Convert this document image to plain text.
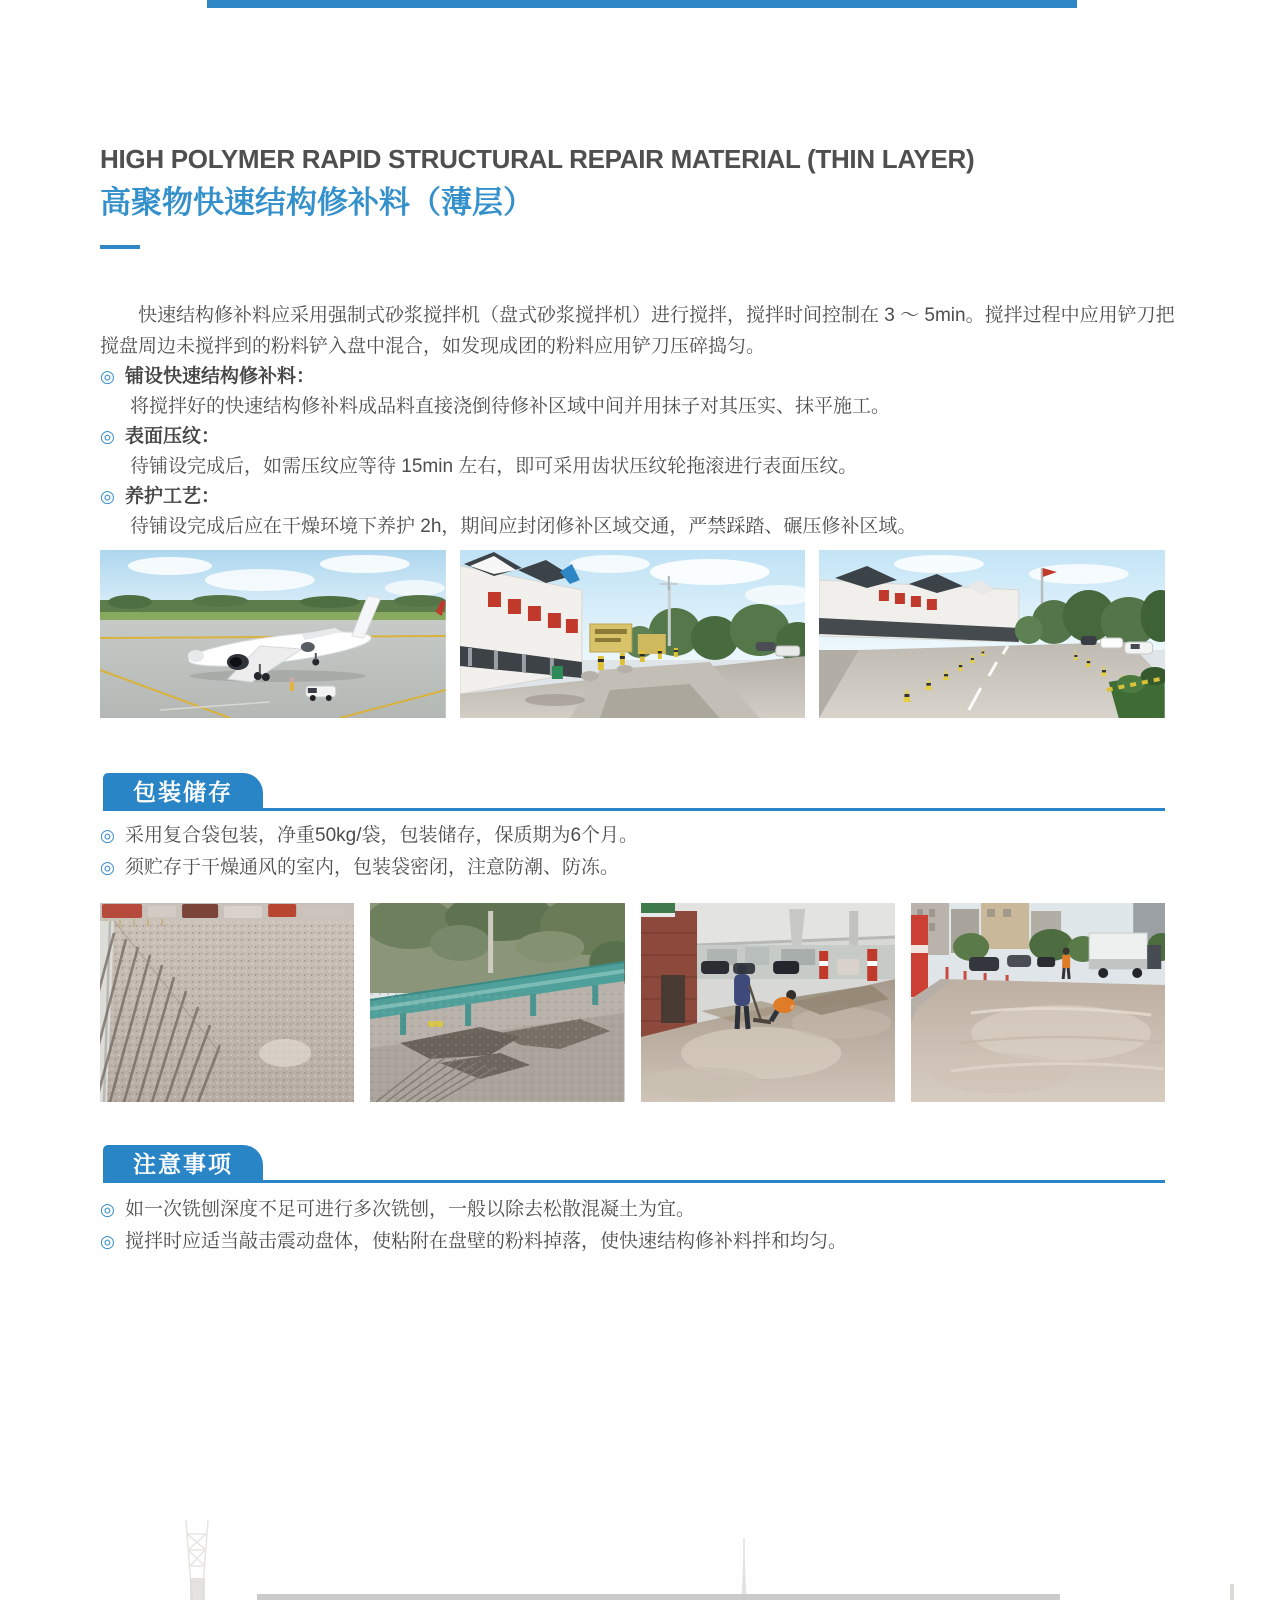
HIGH POLYMER RAPID STRUCTURAL REPAIR MATERIAL (THIN LAYER)
高聚物快速结构修补料（薄层）

快速结构修补料应采用强制式砂浆搅拌机（盘式砂浆搅拌机）进行搅拌，搅拌时间控制在 3 ～ 5min。搅拌过程中应用铲刀把搅盘周边未搅拌到的粉料铲入盘中混合，如发现成团的粉料应用铲刀压碎捣匀。

◎ 铺设快速结构修补料：
将搅拌好的快速结构修补料成品料直接浇倒待修补区域中间并用抹子对其压实、抹平施工。
◎ 表面压纹：
待铺设完成后，如需压纹应等待 15min 左右，即可采用齿状压纹轮拖滚进行表面压纹。
◎ 养护工艺：
待铺设完成后应在干燥环境下养护 2h，期间应封闭修补区域交通，严禁踩踏、碾压修补区域。
包装储存
◎ 采用复合袋包装，净重50kg/袋，包装储存，保质期为6个月。
◎ 须贮存于干燥通风的室内，包装袋密闭，注意防潮、防冻。
注意事项
◎ 如一次铣刨深度不足可进行多次铣刨，一般以除去松散混凝土为宜。
◎ 搅拌时应适当敲击震动盘体，使粘附在盘壁的粉料掉落，使快速结构修补料拌和均匀。
